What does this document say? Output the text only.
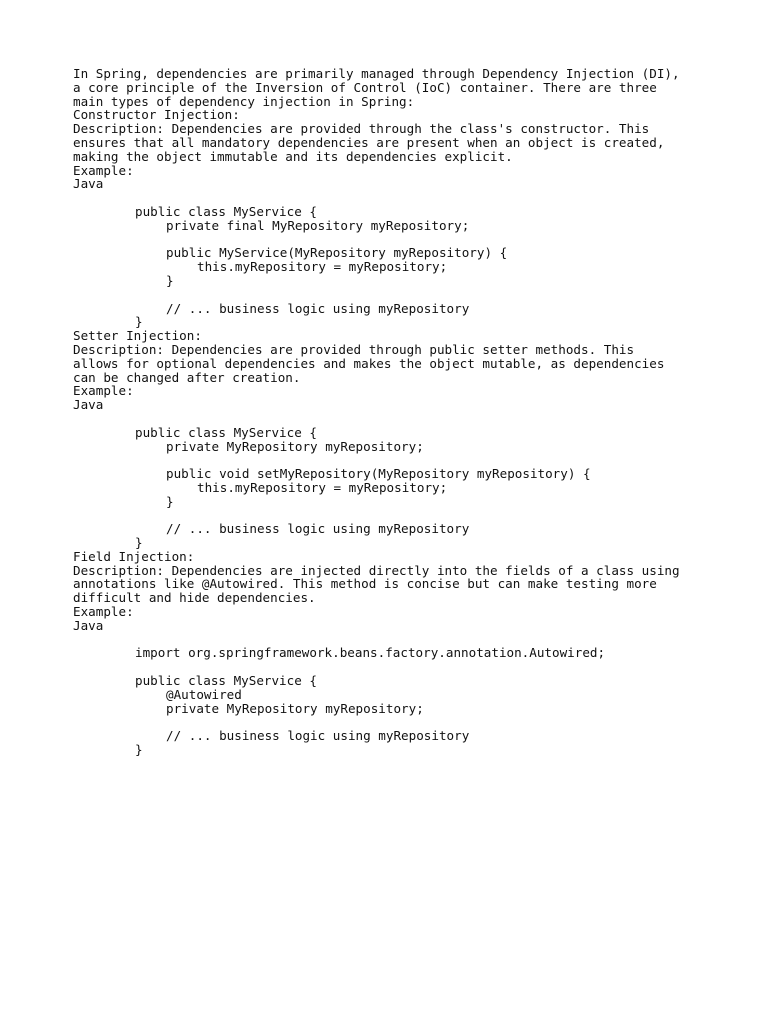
In Spring, dependencies are primarily managed through Dependency Injection (DI),
a core principle of the Inversion of Control (IoC) container. There are three
main types of dependency injection in Spring:
Constructor Injection:
Description: Dependencies are provided through the class's constructor. This
ensures that all mandatory dependencies are present when an object is created,
making the object immutable and its dependencies explicit.
Example:
Java
public class MyService {
private final MyRepository myRepository;
public MyService(MyRepository myRepository) {
this.myRepository = myRepository;
}
// ... business logic using myRepository
}
Setter Injection:
Description: Dependencies are provided through public setter methods. This
allows for optional dependencies and makes the object mutable, as dependencies
can be changed after creation.
Example:
Java
public class MyService {
private MyRepository myRepository;
public void setMyRepository(MyRepository myRepository) {
this.myRepository = myRepository;
}
// ... business logic using myRepository
}
Field Injection:
Description: Dependencies are injected directly into the fields of a class using
annotations like @Autowired. This method is concise but can make testing more
difficult and hide dependencies.
Example:
Java
import org.springframework.beans.factory.annotation.Autowired;
public class MyService {
@Autowired
private MyRepository myRepository;
// ... business logic using myRepository
}
